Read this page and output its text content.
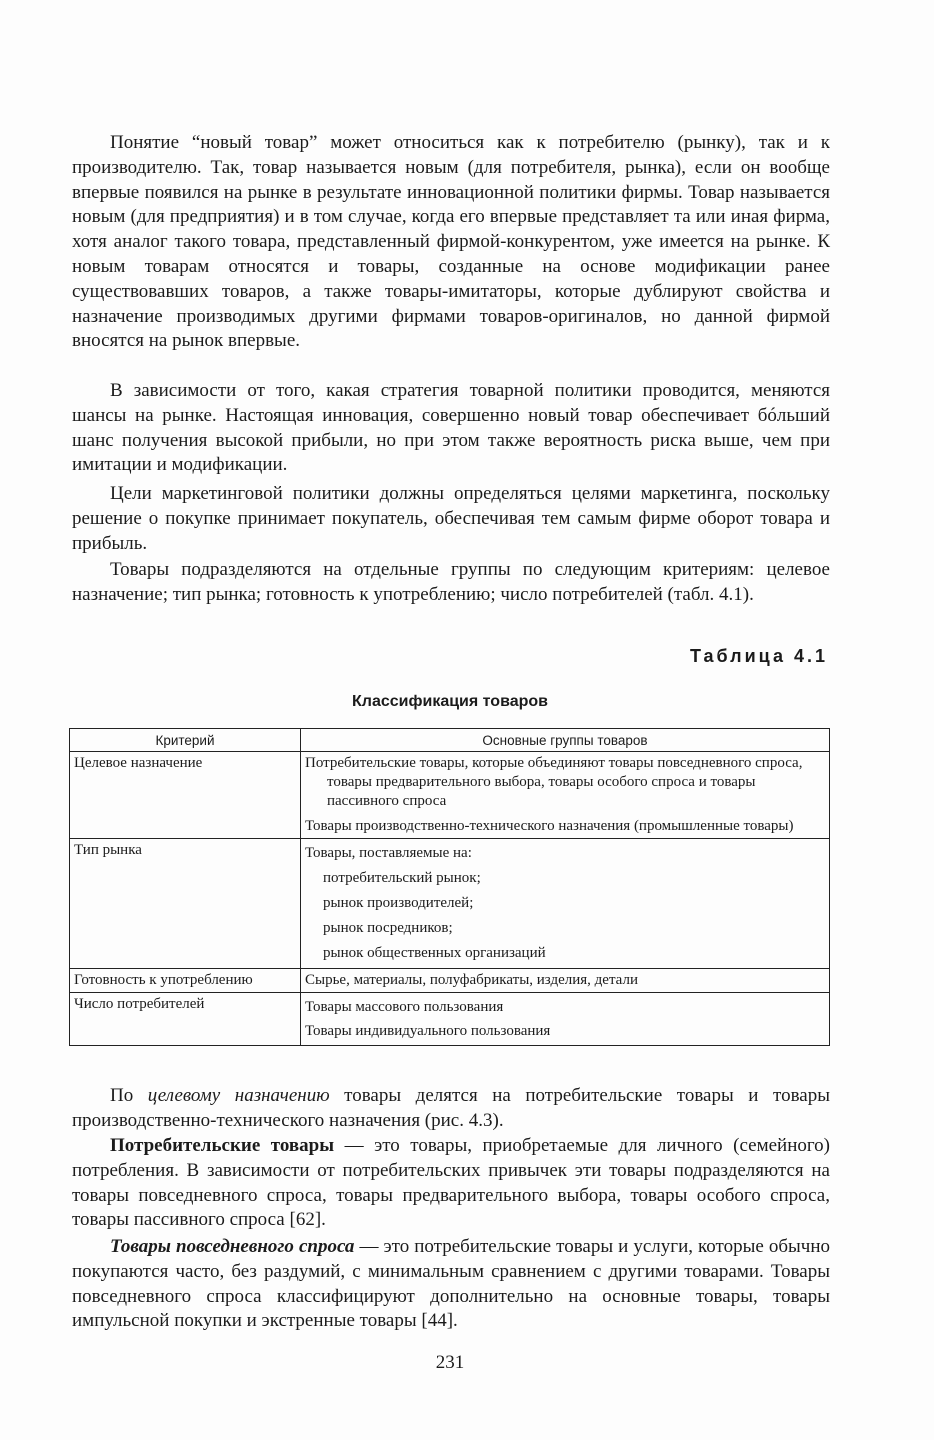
Понятие “новый товар” может относиться как к потребителю (рынку), так и к производителю. Так, товар называется новым (для потребителя, рынка), если он вообще впервые появился на рынке в результате инновационной политики фирмы. Товар называется новым (для предприятия) и в том случае, когда его впервые представляет та или иная фирма, хотя аналог такого товара, представленный фирмой-конкурентом, уже имеется на рынке. К новым товарам относятся и товары, созданные на основе модификации ранее существовавших товаров, а также товары-имитаторы, которые дублируют свойства и назначение производимых другими фирмами товаров-оригиналов, но данной фирмой вносятся на рынок впервые.

В зависимости от того, какая стратегия товарной политики проводится, меняются шансы на рынке. Настоящая инновация, совершенно новый товар обеспечивает бóльший шанс получения высокой прибыли, но при этом также вероятность риска выше, чем при имитации и модификации.

Цели маркетинговой политики должны определяться целями маркетинга, поскольку решение о покупке принимает покупатель, обеспечивая тем самым фирме оборот товара и прибыль.

Товары подразделяются на отдельные группы по следующим критериям: целевое назначение; тип рынка; готовность к употреблению; число потребителей (табл. 4.1).

Таблица 4.1
Классификация товаров
Критерий	Основные группы товаров
Целевое назначение	Потребительские товары, которые объединяют товары повседневного спроса, товары предварительного выбора, товары особого спроса и товары пассивного спроса
Товары производственно-технического назначения (промышленные товары)

Тип рынка	Товары, поставляемые на:
потребительский рынок;
рынок производителей;
рынок посредников;
рынок общественных организаций

Готовность к употреблению	Сырье, материалы, полуфабрикаты, изделия, детали
Число потребителей	Товары массового пользования
Товары индивидуального пользования

По целевому назначению товары делятся на потребительские товары и товары производственно-технического назначения (рис. 4.3).

Потребительские товары — это товары, приобретаемые для личного (семейного) потребления. В зависимости от потребительских привычек эти товары подразделяются на товары повседневного спроса, товары предварительного выбора, товары особого спроса, товары пассивного спроса [62].

Товары повседневного спроса — это потребительские товары и услуги, которые обычно покупаются часто, без раздумий, с минимальным сравнением с другими товарами. Товары повседневного спроса классифицируют дополнительно на основные товары, товары импульсной покупки и экстренные товары [44].

231
